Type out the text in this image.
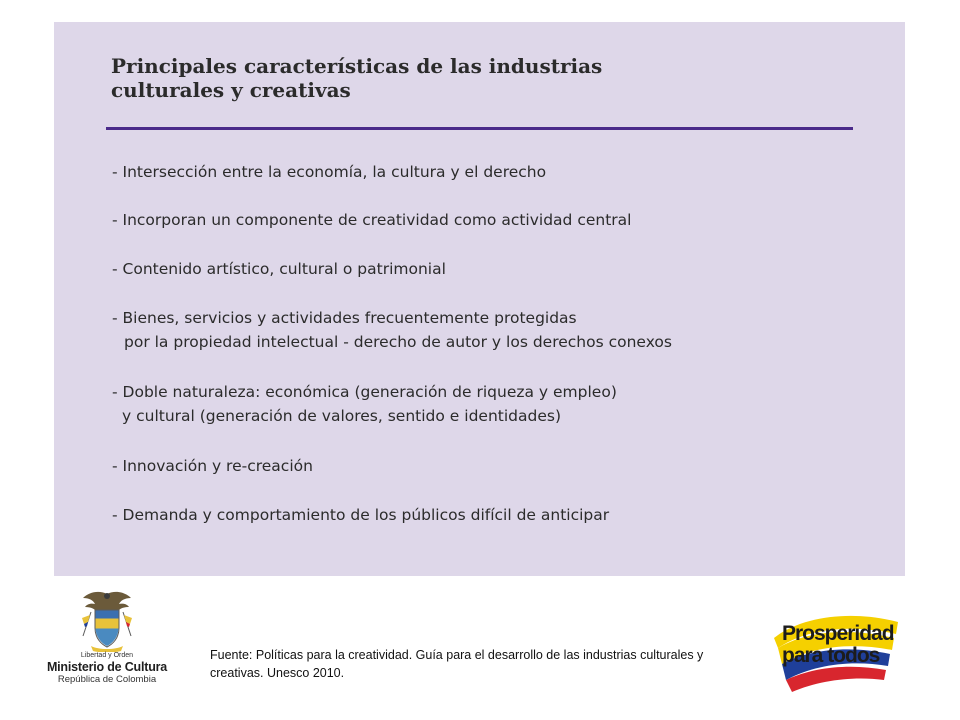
Principales características de las industrias
culturales y creativas
- Intersección entre la economía, la cultura y el derecho
- Incorporan un componente de creatividad como actividad central
- Contenido artístico, cultural o patrimonial
- Bienes, servicios y actividades frecuentemente protegidas
por la propiedad intelectual - derecho de autor y los derechos conexos
- Doble naturaleza: económica (generación de riqueza y empleo)
y cultural (generación de valores, sentido e identidades)
- Innovación y re-creación
- Demanda y comportamiento de los públicos difícil de anticipar
Libertad y Orden
Ministerio de Cultura
República de Colombia

Fuente: Políticas para la creatividad. Guía para el desarrollo de las industrias culturales y creativas. Unesco 2010.

Prosperidad
para todos
